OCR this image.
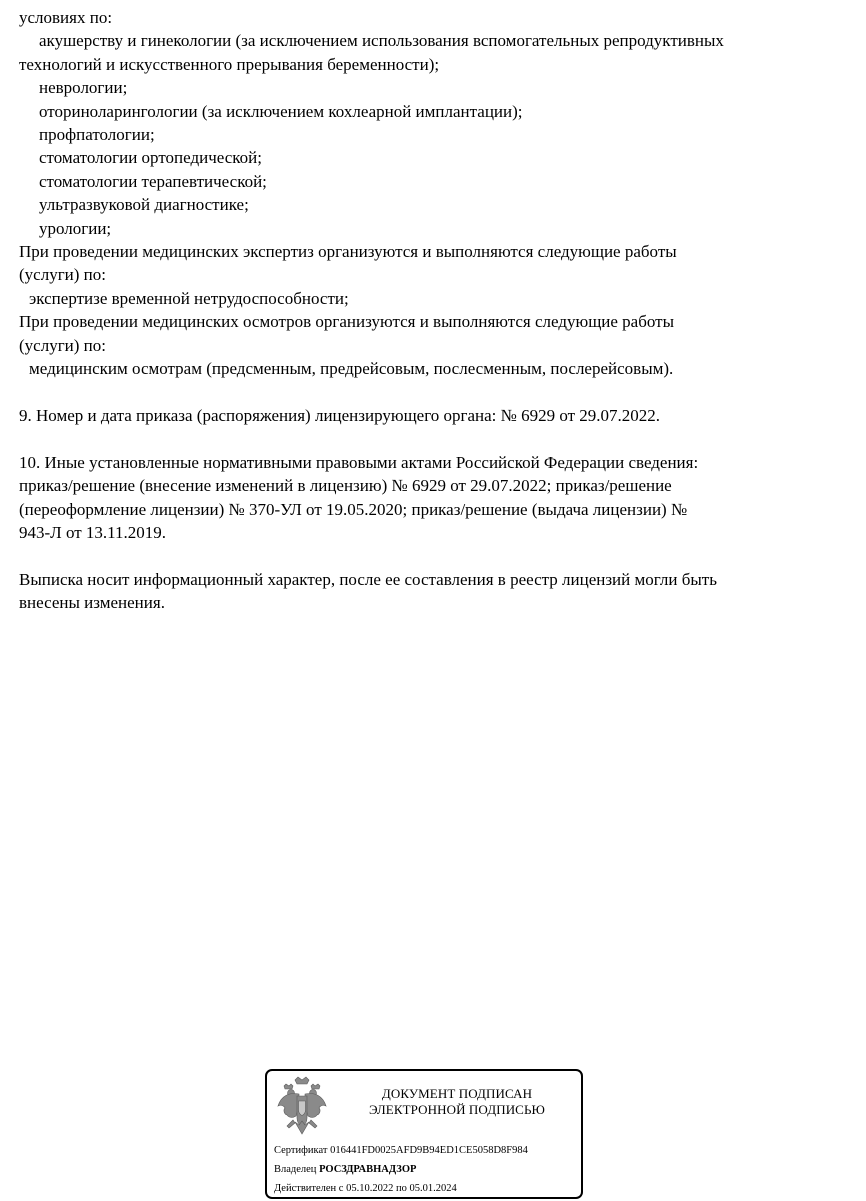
условиях по:
акушерству и гинекологии (за исключением использования вспомогательных репродуктивных
технологий и искусственного прерывания беременности);
неврологии;
оториноларингологии (за исключением кохлеарной имплантации);
профпатологии;
стоматологии ортопедической;
стоматологии терапевтической;
ультразвуковой диагностике;
урологии;
При проведении медицинских экспертиз организуются и выполняются следующие работы
(услуги) по:
экспертизе временной нетрудоспособности;
При проведении медицинских осмотров организуются и выполняются следующие работы
(услуги) по:
медицинским осмотрам (предсменным, предрейсовым, послесменным, послерейсовым).
9. Номер и дата приказа (распоряжения) лицензирующего органа: № 6929 от 29.07.2022.
10. Иные установленные нормативными правовыми актами Российской Федерации сведения:
приказ/решение (внесение изменений в лицензию) № 6929 от 29.07.2022; приказ/решение
(переоформление лицензии) № 370-УЛ от 19.05.2020; приказ/решение (выдача лицензии) №
943-Л от 13.11.2019.
Выписка носит информационный характер, после ее составления в реестр лицензий могли быть
внесены изменения.
ДОКУМЕНТ ПОДПИСАН
ЭЛЕКТРОННОЙ ПОДПИСЬЮ
Сертификат 016441FD0025AFD9B94ED1CE5058D8F984
Владелец РОСЗДРАВНАДЗОР
Действителен с 05.10.2022 по 05.01.2024
